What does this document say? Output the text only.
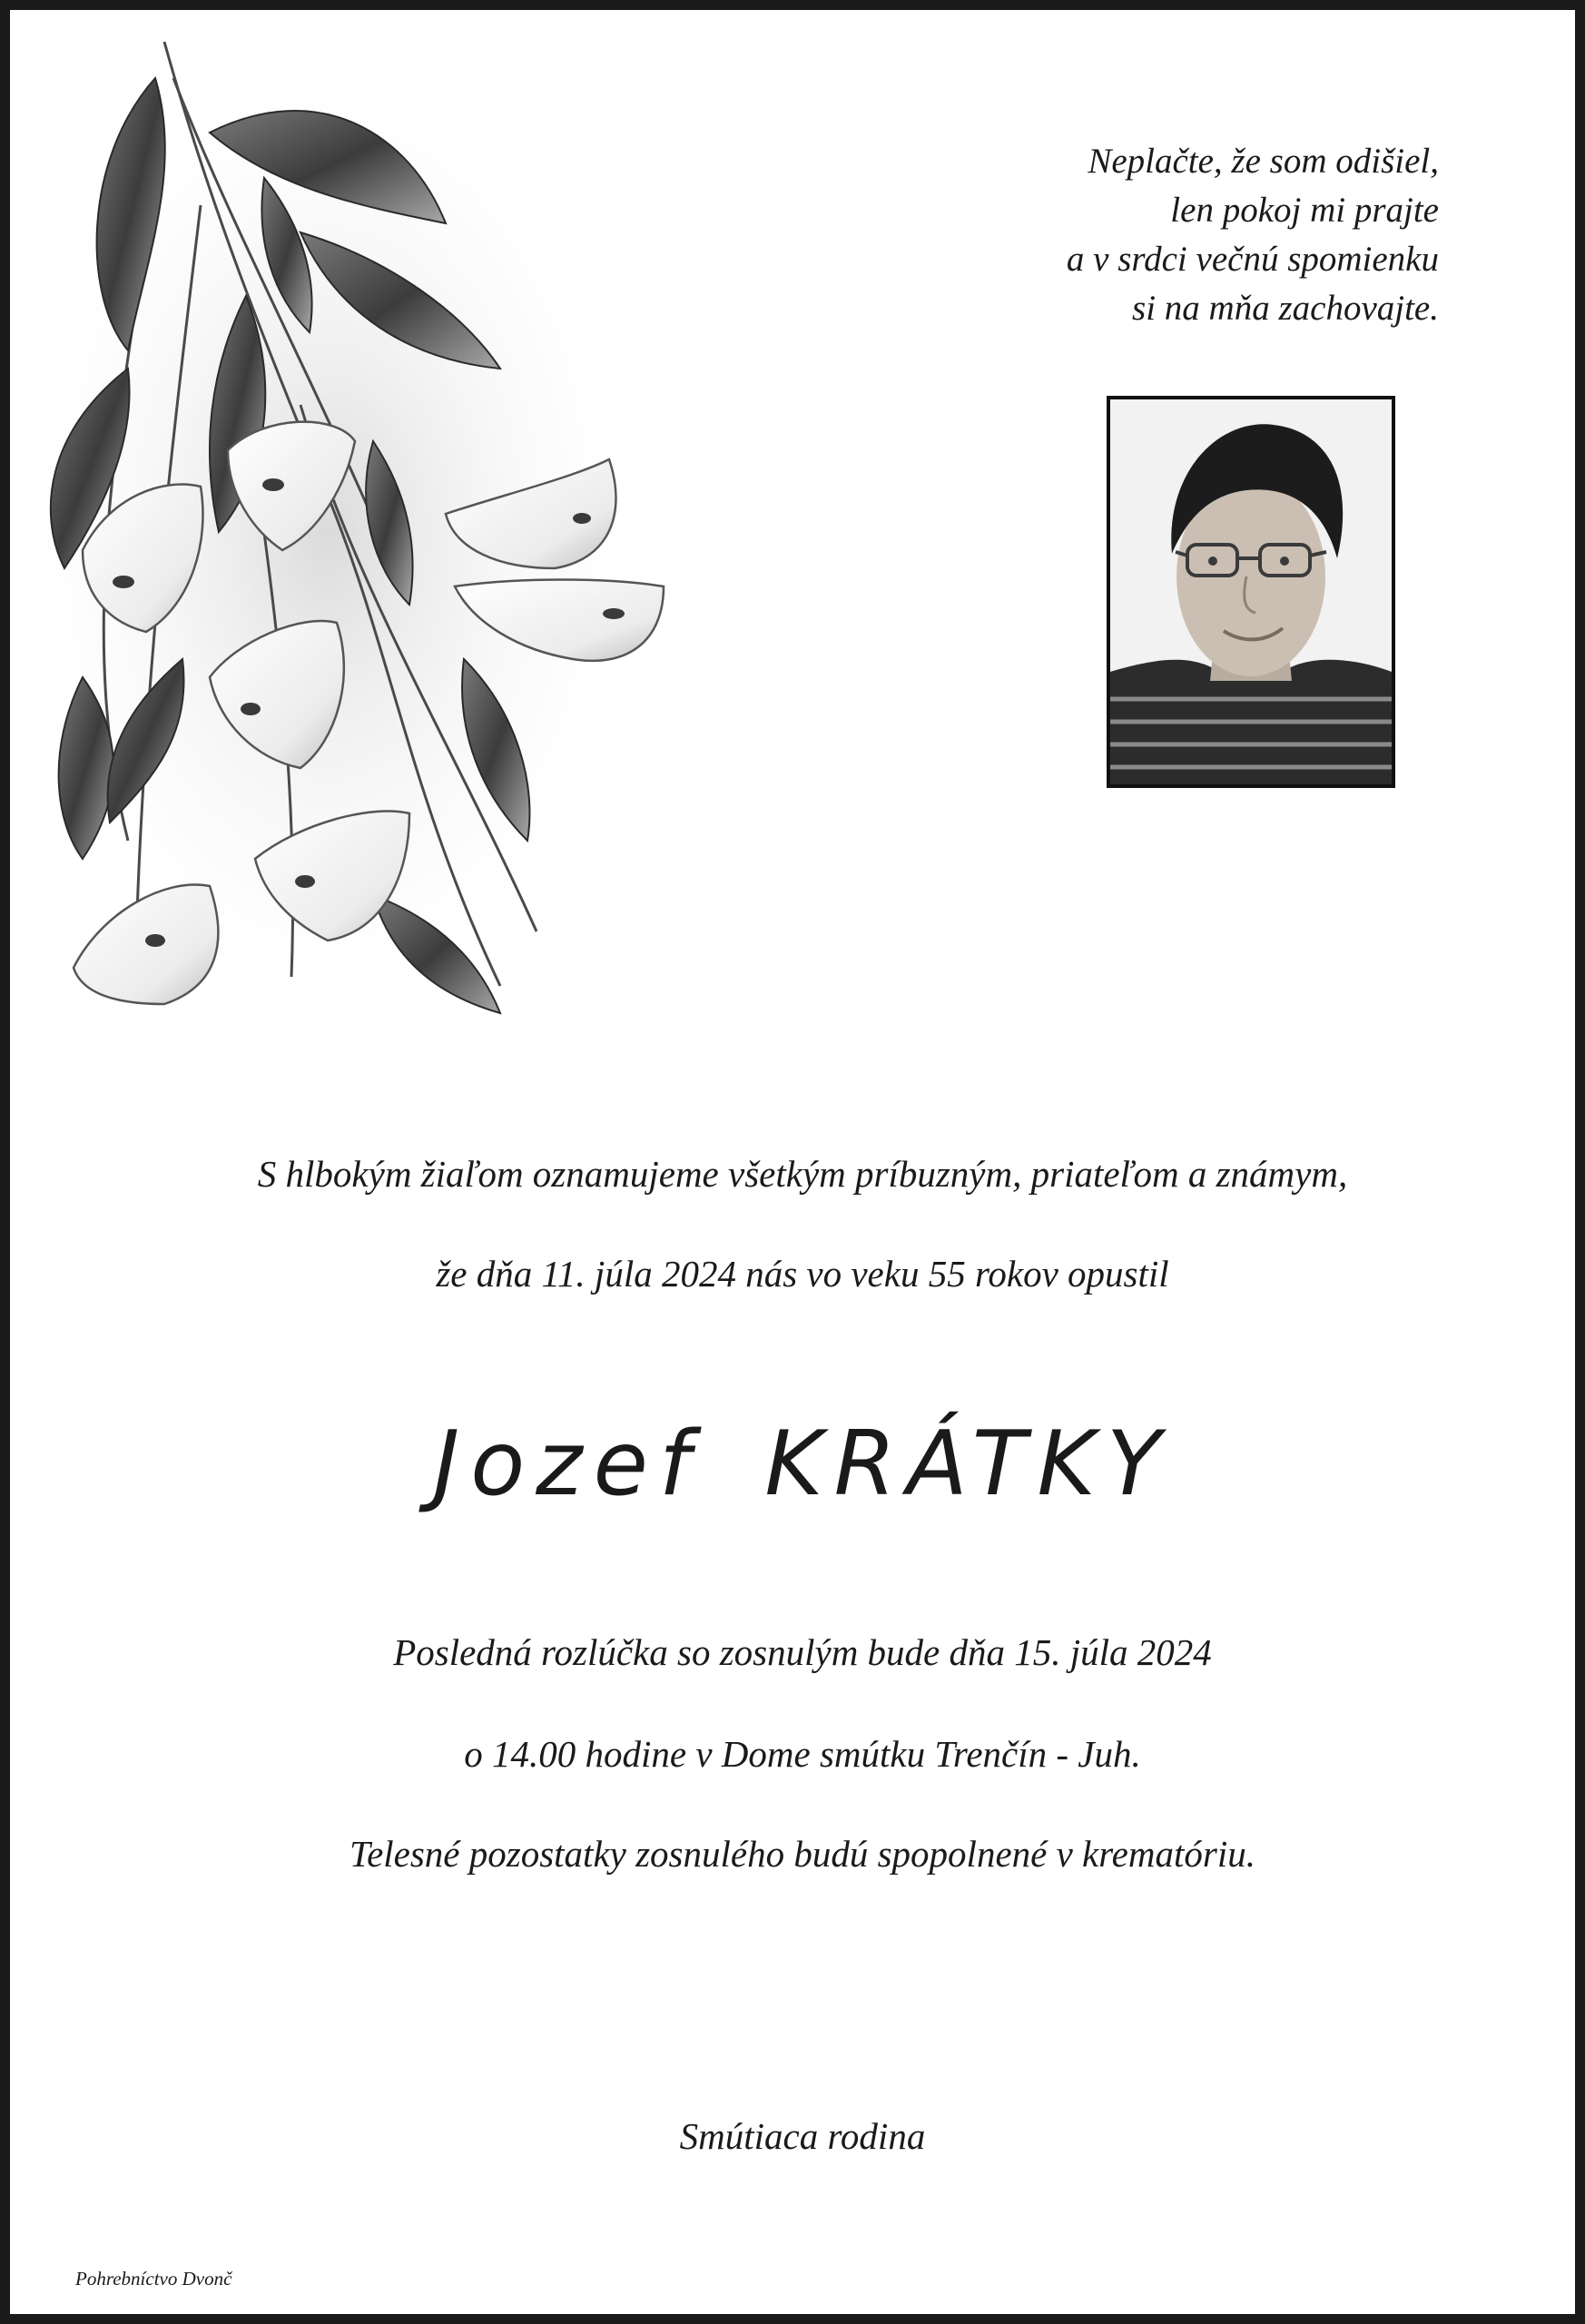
Neplačte, že som odišiel,
len pokoj mi prajte
a v srdci večnú spomienku
si na mňa zachovajte.
S hlbokým žiaľom oznamujeme všetkým príbuzným, priateľom a známym,
že dňa 11. júla 2024 nás vo veku 55 rokov opustil
Jozef KRÁTKY
Posledná rozlúčka so zosnulým bude dňa 15. júla 2024
o 14.00 hodine v Dome smútku Trenčín - Juh.
Telesné pozostatky zosnulého budú spopolnené v krematóriu.
Smútiaca rodina
Pohrebníctvo Dvonč
